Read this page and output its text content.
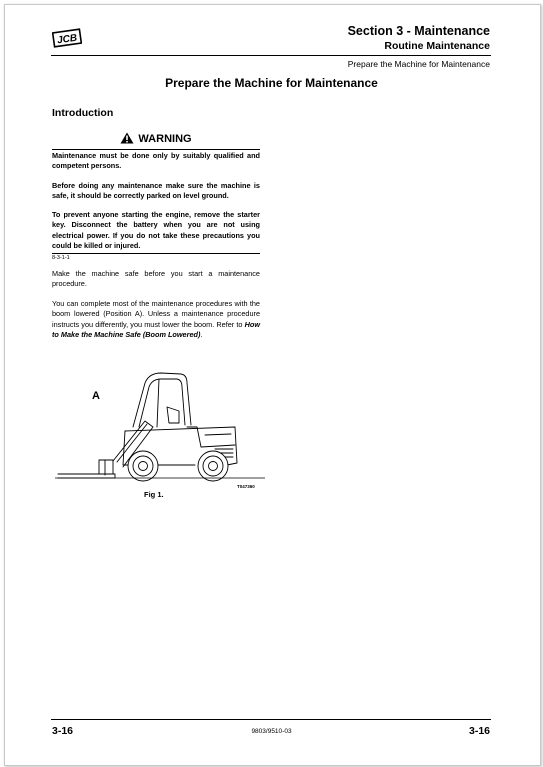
JCB
Section 3 - Maintenance
Routine Maintenance
Prepare the Machine for Maintenance
Prepare the Machine for Maintenance
Introduction
WARNING
Maintenance must be done only by suitably qualified and competent persons.
Before doing any maintenance make sure the machine is safe, it should be correctly parked on level ground.
To prevent anyone starting the engine, remove the starter key. Disconnect the battery when you are not using electrical power. If you do not take these precautions you could be killed or injured.
8-3-1-1
Make the machine safe before you start a maintenance procedure.
You can complete most of the maintenance procedures with the boom lowered (Position A). Unless a maintenance procedure instructs you differently, you must lower the boom. Refer to How to Make the Machine Safe (Boom Lowered).
A
T047360
Fig 1.
3-16	9803/9510-03	3-16
